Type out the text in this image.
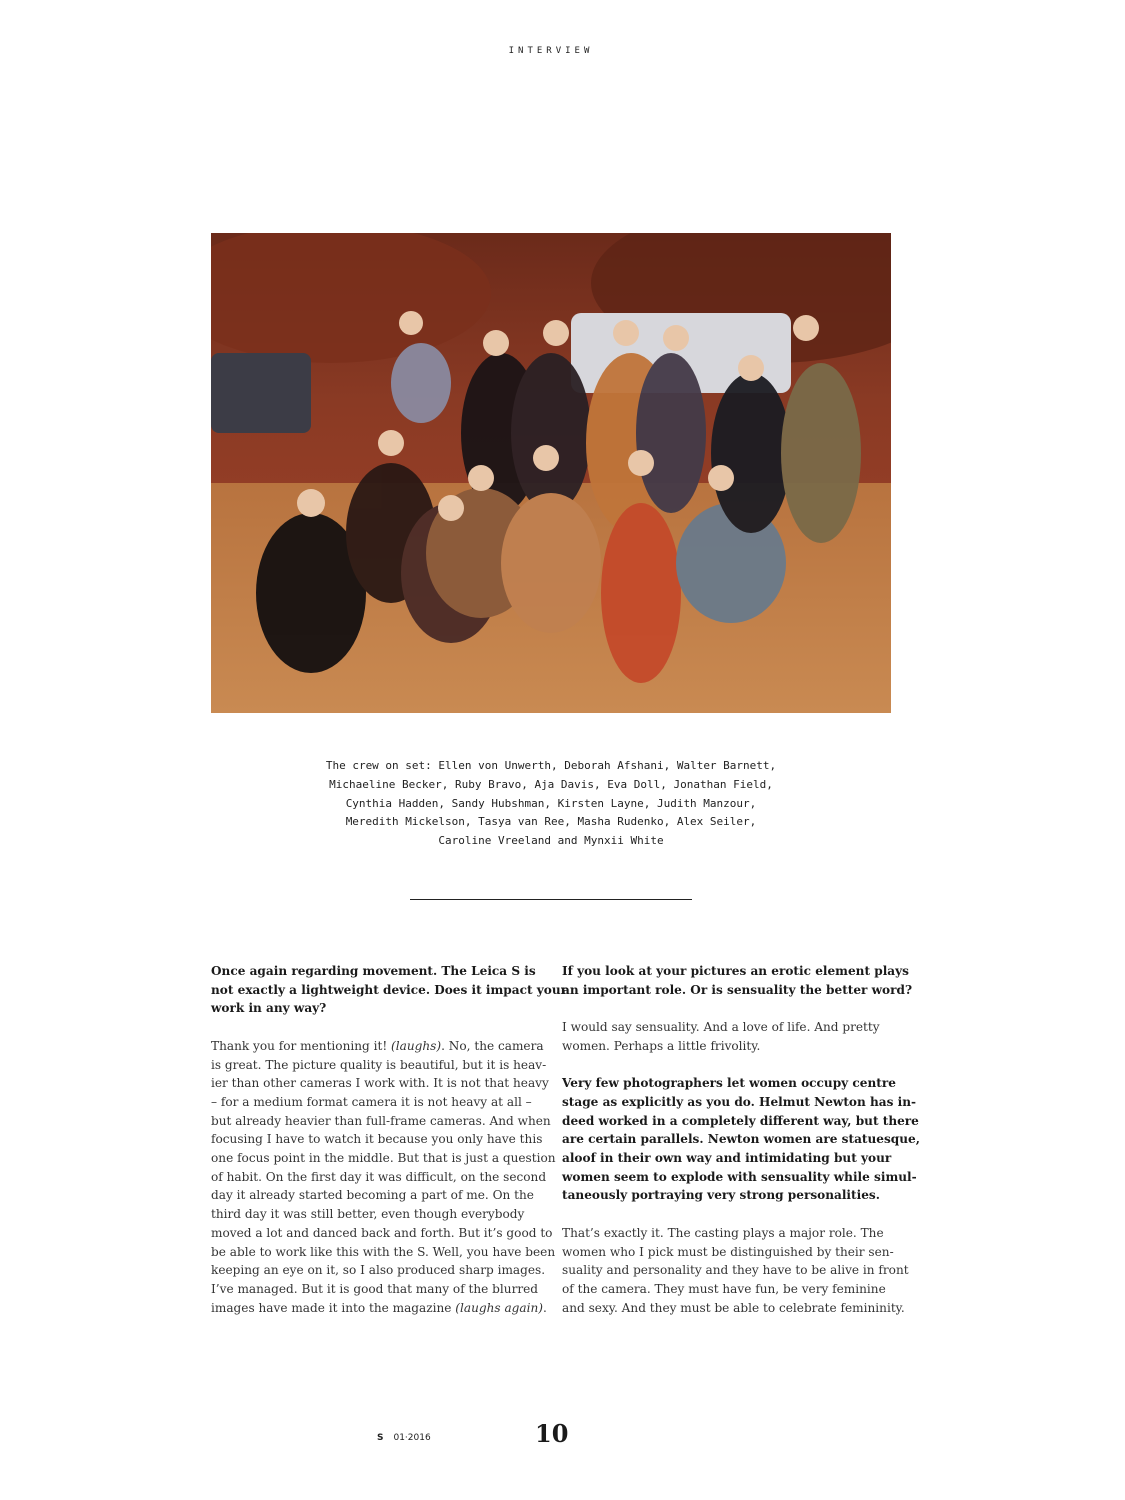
INTERVIEW
The crew on set: Ellen von Unwerth, Deborah Afshani, Walter Barnett,
Michaeline Becker, Ruby Bravo, Aja Davis, Eva Doll, Jonathan Field,
Cynthia Hadden, Sandy Hubshman, Kirsten Layne, Judith Manzour,
Meredith Mickelson, Tasya van Ree, Masha Rudenko, Alex Seiler,
Caroline Vreeland and Mynxii White

Once again regarding movement. The Leica S is
not exactly a lightweight device. Does it impact your
work in any way?

Thank you for mentioning it! (laughs). No, the camera
is great. The picture quality is beautiful, but it is heav-
ier than other cameras I work with. It is not that heavy
– for a medium format camera it is not heavy at all –
but already heavier than full-frame cameras. And when
focusing I have to watch it because you only have this
one focus point in the middle. But that is just a question
of habit. On the first day it was difficult, on the second
day it already started becoming a part of me. On the
third day it was still better, even though everybody
moved a lot and danced back and forth. But it’s good to
be able to work like this with the S. Well, you have been
keeping an eye on it, so I also produced sharp images.
I’ve managed. But it is good that many of the blurred
images have made it into the magazine (laughs again).

If you look at your pictures an erotic element plays
an important role. Or is sensuality the better word?

I would say sensuality. And a love of life. And pretty
women. Perhaps a little frivolity.

Very few photographers let women occupy centre
stage as explicitly as you do. Helmut Newton has in-
deed worked in a completely different way, but there
are certain parallels. Newton women are statuesque,
aloof in their own way and intimidating but your
women seem to explode with sensuality while simul-
taneously portraying very strong personalities.

That’s exactly it. The casting plays a major role. The
women who I pick must be distinguished by their sen-
suality and personality and they have to be alive in front
of the camera. They must have fun, be very feminine
and sexy. And they must be able to celebrate femininity.

S 01·2016	10
